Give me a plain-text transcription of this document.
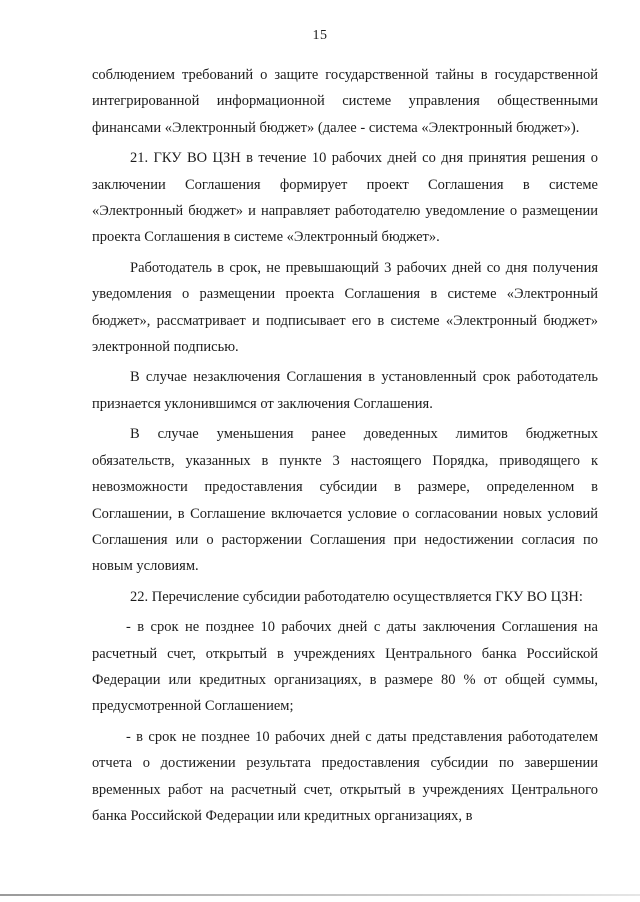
15

соблюдением требований о защите государственной тайны в государственной интегрированной информационной системе управления общественными финансами «Электронный бюджет» (далее - система «Электронный бюджет»).

21. ГКУ ВО ЦЗН в течение 10 рабочих дней со дня принятия решения о заключении Соглашения формирует проект Соглашения в системе «Электронный бюджет» и направляет работодателю уведомление о размещении проекта Соглашения в системе «Электронный бюджет».

Работодатель в срок, не превышающий 3 рабочих дней со дня получения уведомления о размещении проекта Соглашения в системе «Электронный бюджет», рассматривает и подписывает его в системе «Электронный бюджет» электронной подписью.

В случае незаключения Соглашения в установленный срок работодатель признается уклонившимся от заключения Соглашения.

В случае уменьшения ранее доведенных лимитов бюджетных обязательств, указанных в пункте 3 настоящего Порядка, приводящего к невозможности предоставления субсидии в размере, определенном в Соглашении, в Соглашение включается условие о согласовании новых условий Соглашения или о расторжении Соглашения при недостижении согласия по новым условиям.

22. Перечисление субсидии работодателю осуществляется ГКУ ВО ЦЗН:

- в срок не позднее 10 рабочих дней с даты заключения Соглашения на расчетный счет, открытый в учреждениях Центрального банка Российской Федерации или кредитных организациях, в размере 80 % от общей суммы, предусмотренной Соглашением;

- в срок не позднее 10 рабочих дней с даты представления работодателем отчета о достижении результата предоставления субсидии по завершении временных работ на расчетный счет, открытый в учреждениях Центрального банка Российской Федерации или кредитных организациях, в
